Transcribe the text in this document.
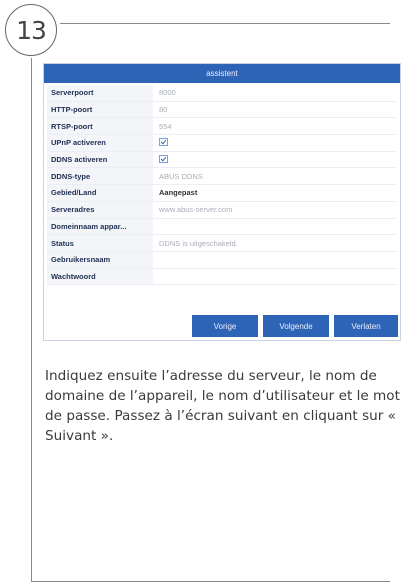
13
assistent
Serverpoort	8000
HTTP-poort	80
RTSP-poort	554
UPnP activeren
DDNS activeren
DDNS-type	ABUS DDNS
Gebied/Land	Aangepast
Serveradres	www.abus-server.com
Domeinnaam appar...
Status	DDNS is uitgeschakeld.
Gebruikersnaam
Wachtwoord
Vorige	Volgende	Verlaten

Indiquez ensuite l’adresse du serveur, le nom de domaine de l’appareil, le nom d’utilisateur et le mot de passe. Passez à l’écran suivant en cliquant sur « Suivant ».
